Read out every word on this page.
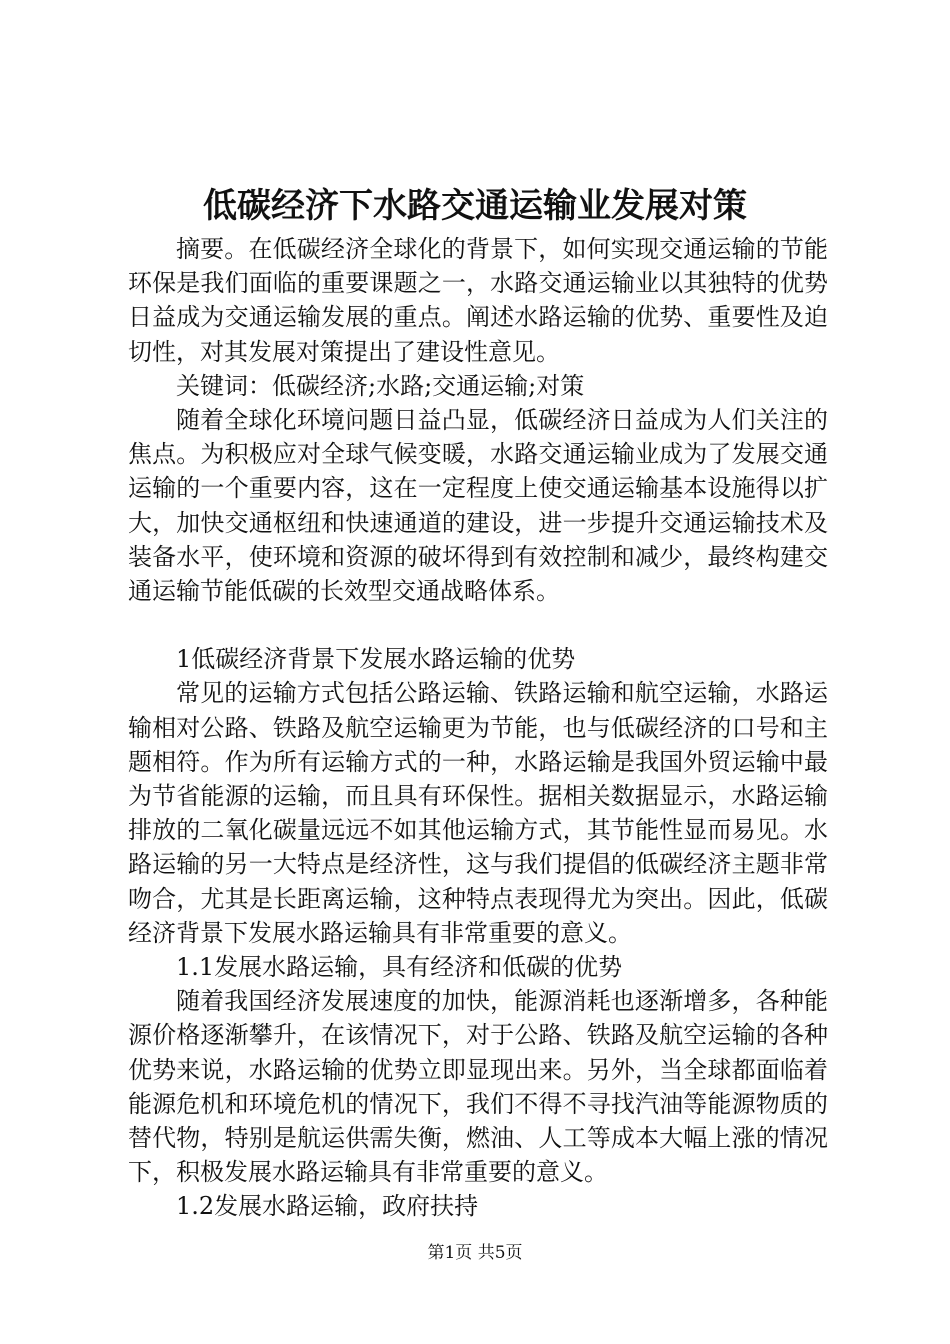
低碳经济下水路交通运输业发展对策

摘要。在低碳经济全球化的背景下，如何实现交通运输的节能环保是我们面临的重要课题之一，水路交通运输业以其独特的优势日益成为交通运输发展的重点。阐述水路运输的优势、重要性及迫切性，对其发展对策提出了建设性意见。

关键词：低碳经济;水路;交通运输;对策

随着全球化环境问题日益凸显，低碳经济日益成为人们关注的焦点。为积极应对全球气候变暖，水路交通运输业成为了发展交通运输的一个重要内容，这在一定程度上使交通运输基本设施得以扩大，加快交通枢纽和快速通道的建设，进一步提升交通运输技术及装备水平，使环境和资源的破坏得到有效控制和减少，最终构建交通运输节能低碳的长效型交通战略体系。

1低碳经济背景下发展水路运输的优势

常见的运输方式包括公路运输、铁路运输和航空运输，水路运输相对公路、铁路及航空运输更为节能，也与低碳经济的口号和主题相符。作为所有运输方式的一种，水路运输是我国外贸运输中最为节省能源的运输，而且具有环保性。据相关数据显示，水路运输排放的二氧化碳量远远不如其他运输方式，其节能性显而易见。水路运输的另一大特点是经济性，这与我们提倡的低碳经济主题非常吻合，尤其是长距离运输，这种特点表现得尤为突出。因此，低碳经济背景下发展水路运输具有非常重要的意义。

1.1发展水路运输，具有经济和低碳的优势

随着我国经济发展速度的加快，能源消耗也逐渐增多，各种能源价格逐渐攀升，在该情况下，对于公路、铁路及航空运输的各种优势来说，水路运输的优势立即显现出来。另外，当全球都面临着能源危机和环境危机的情况下，我们不得不寻找汽油等能源物质的替代物，特别是航运供需失衡，燃油、人工等成本大幅上涨的情况下，积极发展水路运输具有非常重要的意义。

1.2发展水路运输，政府扶持

第1页 共5页
